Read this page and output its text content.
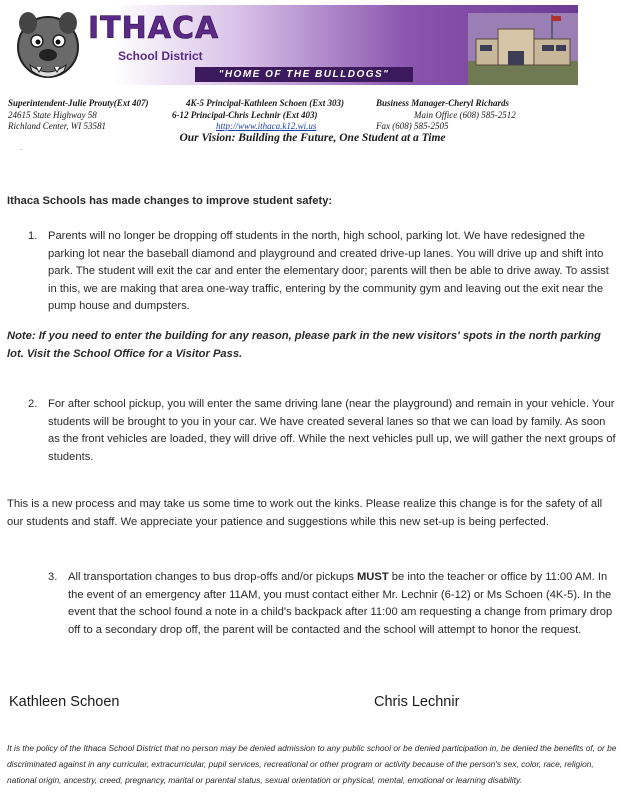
ITHACA
School District
"HOME OF THE BULLDOGS"
Superintendent-Julie Prouty(Ext 407)	4K-5 Principal-Kathleen Schoen (Ext 303)	Business Manager-Cheryl Richards
24615 State Highway 58	6-12 Principal-Chris Lechnir (Ext 403)	Main Office (608) 585-2512
Richland Center, WI 53581	http://www.ithaca.k12.wi.us	Fax (608) 585-2505
Our Vision: Building the Future, One Student at a Time
.
Ithaca Schools has made changes to improve student safety:
1. Parents will no longer be dropping off students in the north, high school, parking lot. We have redesigned the parking lot near the baseball diamond and playground and created drive-up lanes. You will drive up and shift into park. The student will exit the car and enter the elementary door; parents will then be able to drive away. To assist in this, we are making that area one-way traffic, entering by the community gym and leaving out the exit near the pump house and dumpsters.
Note: If you need to enter the building for any reason, please park in the new visitors' spots in the north parking lot. Visit the School Office for a Visitor Pass.
2. For after school pickup, you will enter the same driving lane (near the playground) and remain in your vehicle. Your students will be brought to you in your car. We have created several lanes so that we can load by family. As soon as the front vehicles are loaded, they will drive off. While the next vehicles pull up, we will gather the next groups of students.
This is a new process and may take us some time to work out the kinks. Please realize this change is for the safety of all our students and staff. We appreciate your patience and suggestions while this new set-up is being perfected.
3. All transportation changes to bus drop-offs and/or pickups MUST be into the teacher or office by 11:00 AM. In the event of an emergency after 11AM, you must contact either Mr. Lechnir (6-12) or Ms Schoen (4K-5). In the event that the school found a note in a child's backpack after 11:00 am requesting a change from primary drop off to a secondary drop off, the parent will be contacted and the school will attempt to honor the request.
Kathleen Schoen	Chris Lechnir
It is the policy of the Ithaca School District that no person may be denied admission to any public school or be denied participation in, be denied the benefits of, or be discriminated against in any curricular, extracurricular, pupil services, recreational or other program or activity because of the person's sex, color, race, religion, national origin, ancestry, creed, pregnancy, marital or parental status, sexual orientation or physical, mental, emotional or learning disability.
